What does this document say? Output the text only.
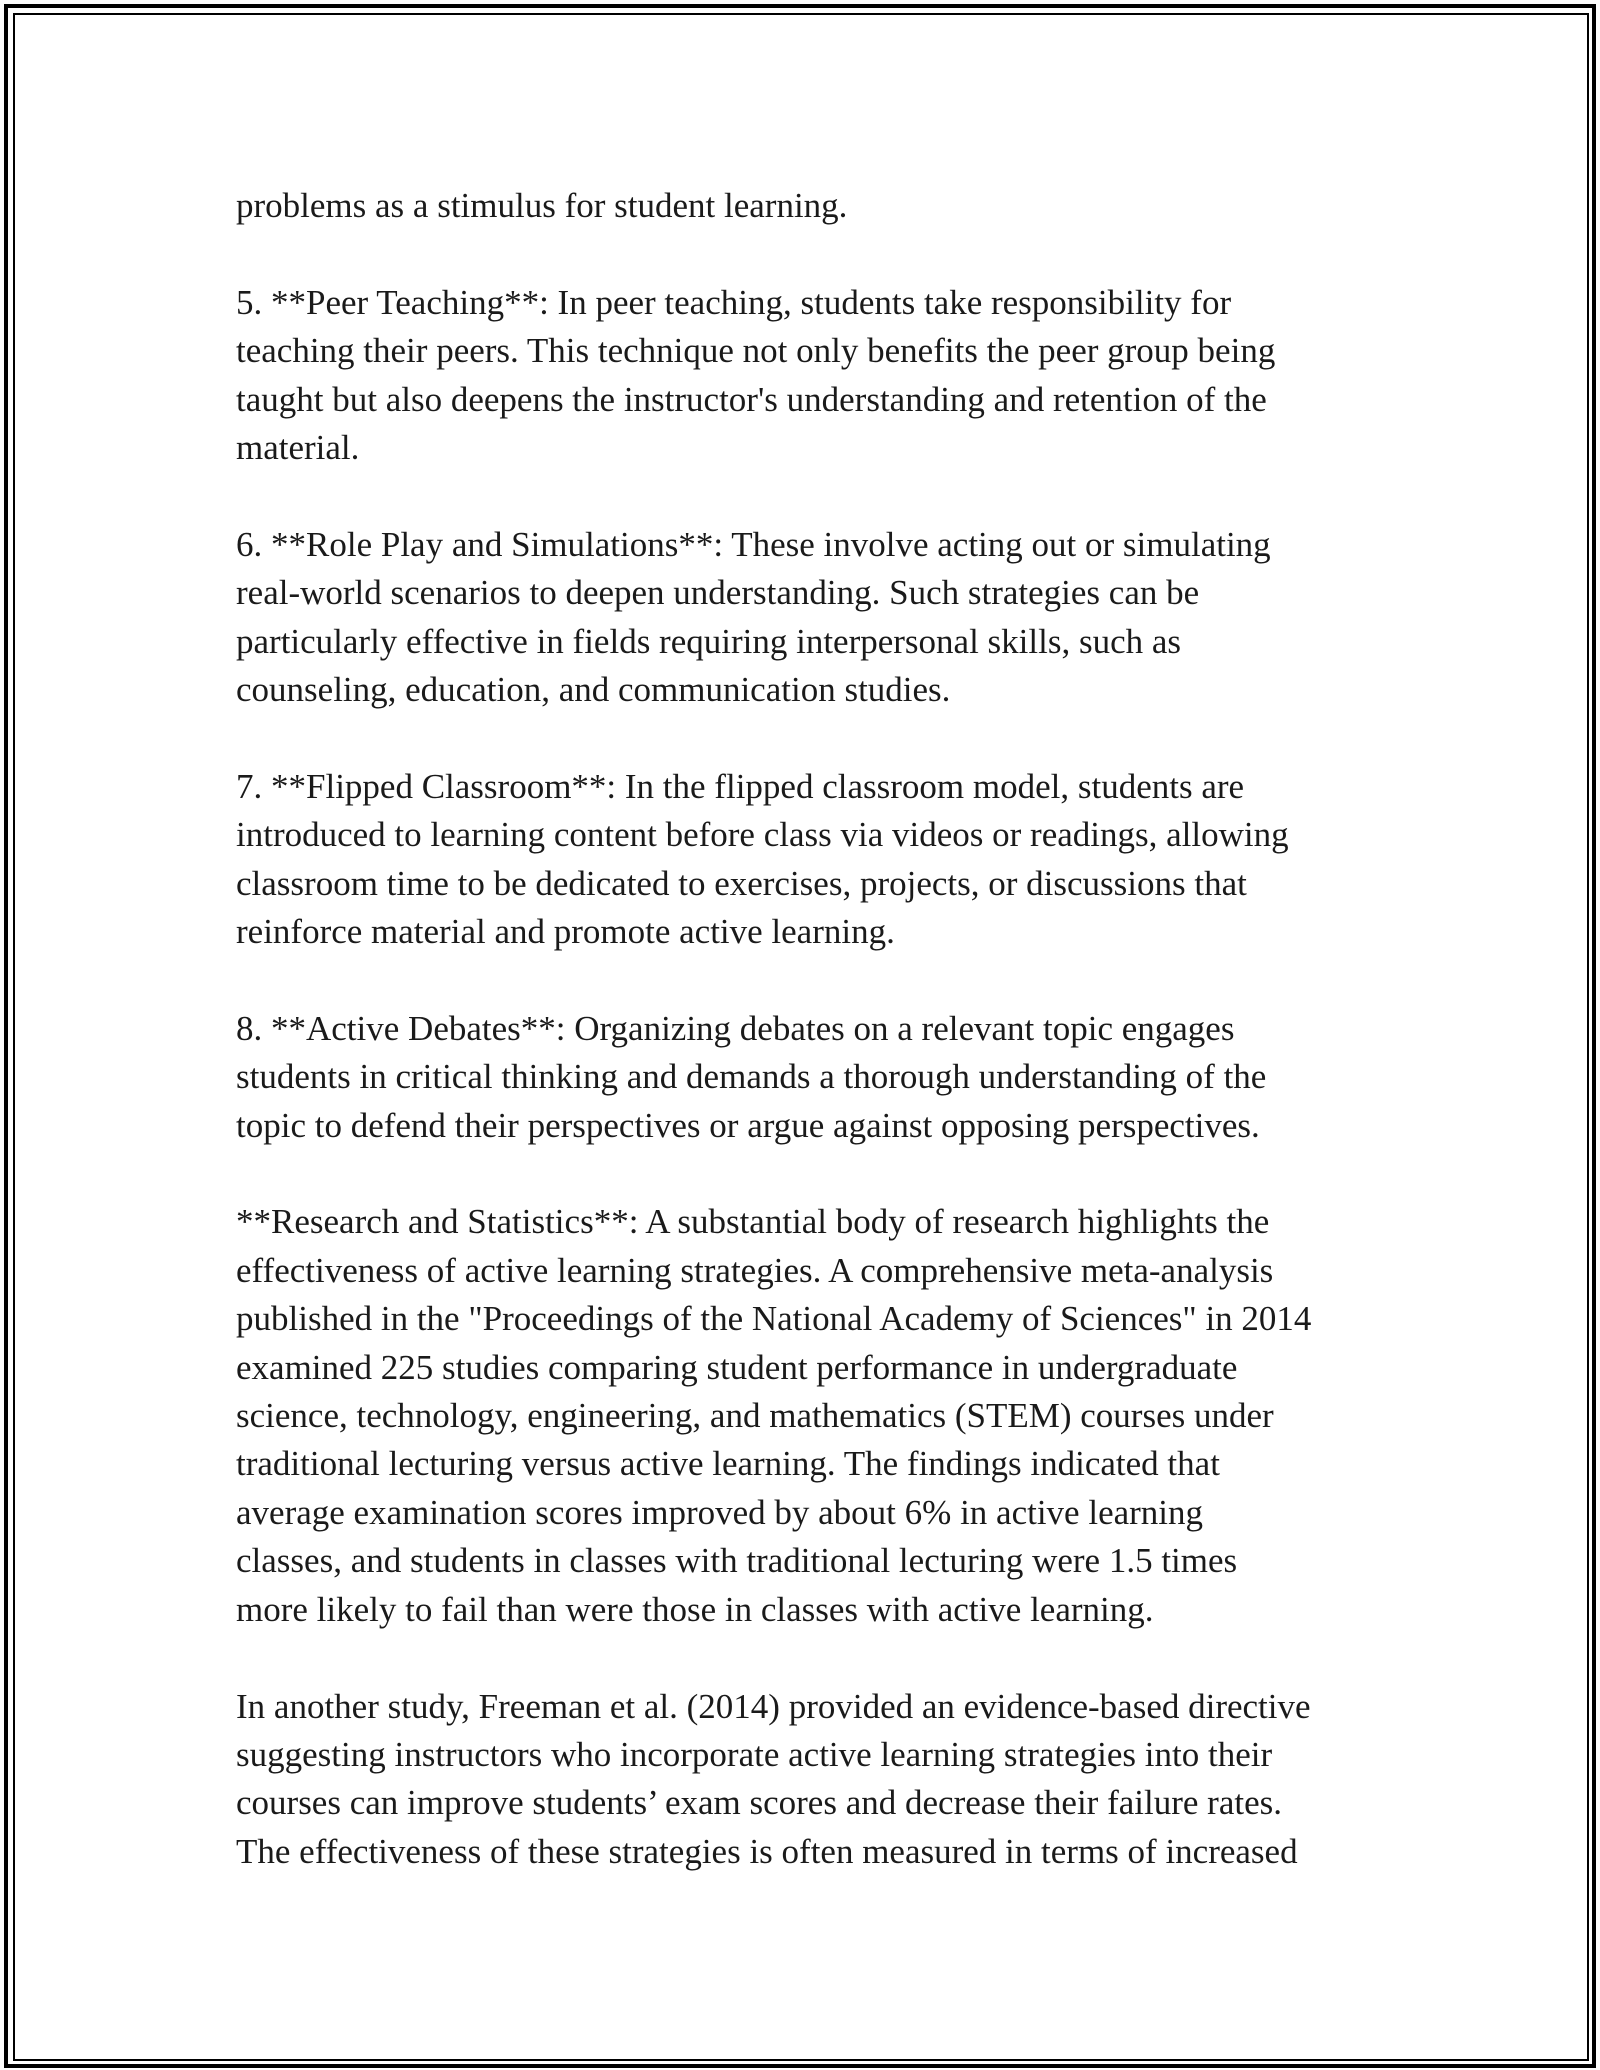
problems as a stimulus for student learning.

5. **Peer Teaching**: In peer teaching, students take responsibility for
teaching their peers. This technique not only benefits the peer group being
taught but also deepens the instructor's understanding and retention of the
material.

6. **Role Play and Simulations**: These involve acting out or simulating
real-world scenarios to deepen understanding. Such strategies can be
particularly effective in fields requiring interpersonal skills, such as
counseling, education, and communication studies.

7. **Flipped Classroom**: In the flipped classroom model, students are
introduced to learning content before class via videos or readings, allowing
classroom time to be dedicated to exercises, projects, or discussions that
reinforce material and promote active learning.

8. **Active Debates**: Organizing debates on a relevant topic engages
students in critical thinking and demands a thorough understanding of the
topic to defend their perspectives or argue against opposing perspectives.

**Research and Statistics**: A substantial body of research highlights the
effectiveness of active learning strategies. A comprehensive meta-analysis
published in the "Proceedings of the National Academy of Sciences" in 2014
examined 225 studies comparing student performance in undergraduate
science, technology, engineering, and mathematics (STEM) courses under
traditional lecturing versus active learning. The findings indicated that
average examination scores improved by about 6% in active learning
classes, and students in classes with traditional lecturing were 1.5 times
more likely to fail than were those in classes with active learning.

In another study, Freeman et al. (2014) provided an evidence-based directive
suggesting instructors who incorporate active learning strategies into their
courses can improve students’ exam scores and decrease their failure rates.
The effectiveness of these strategies is often measured in terms of increased
